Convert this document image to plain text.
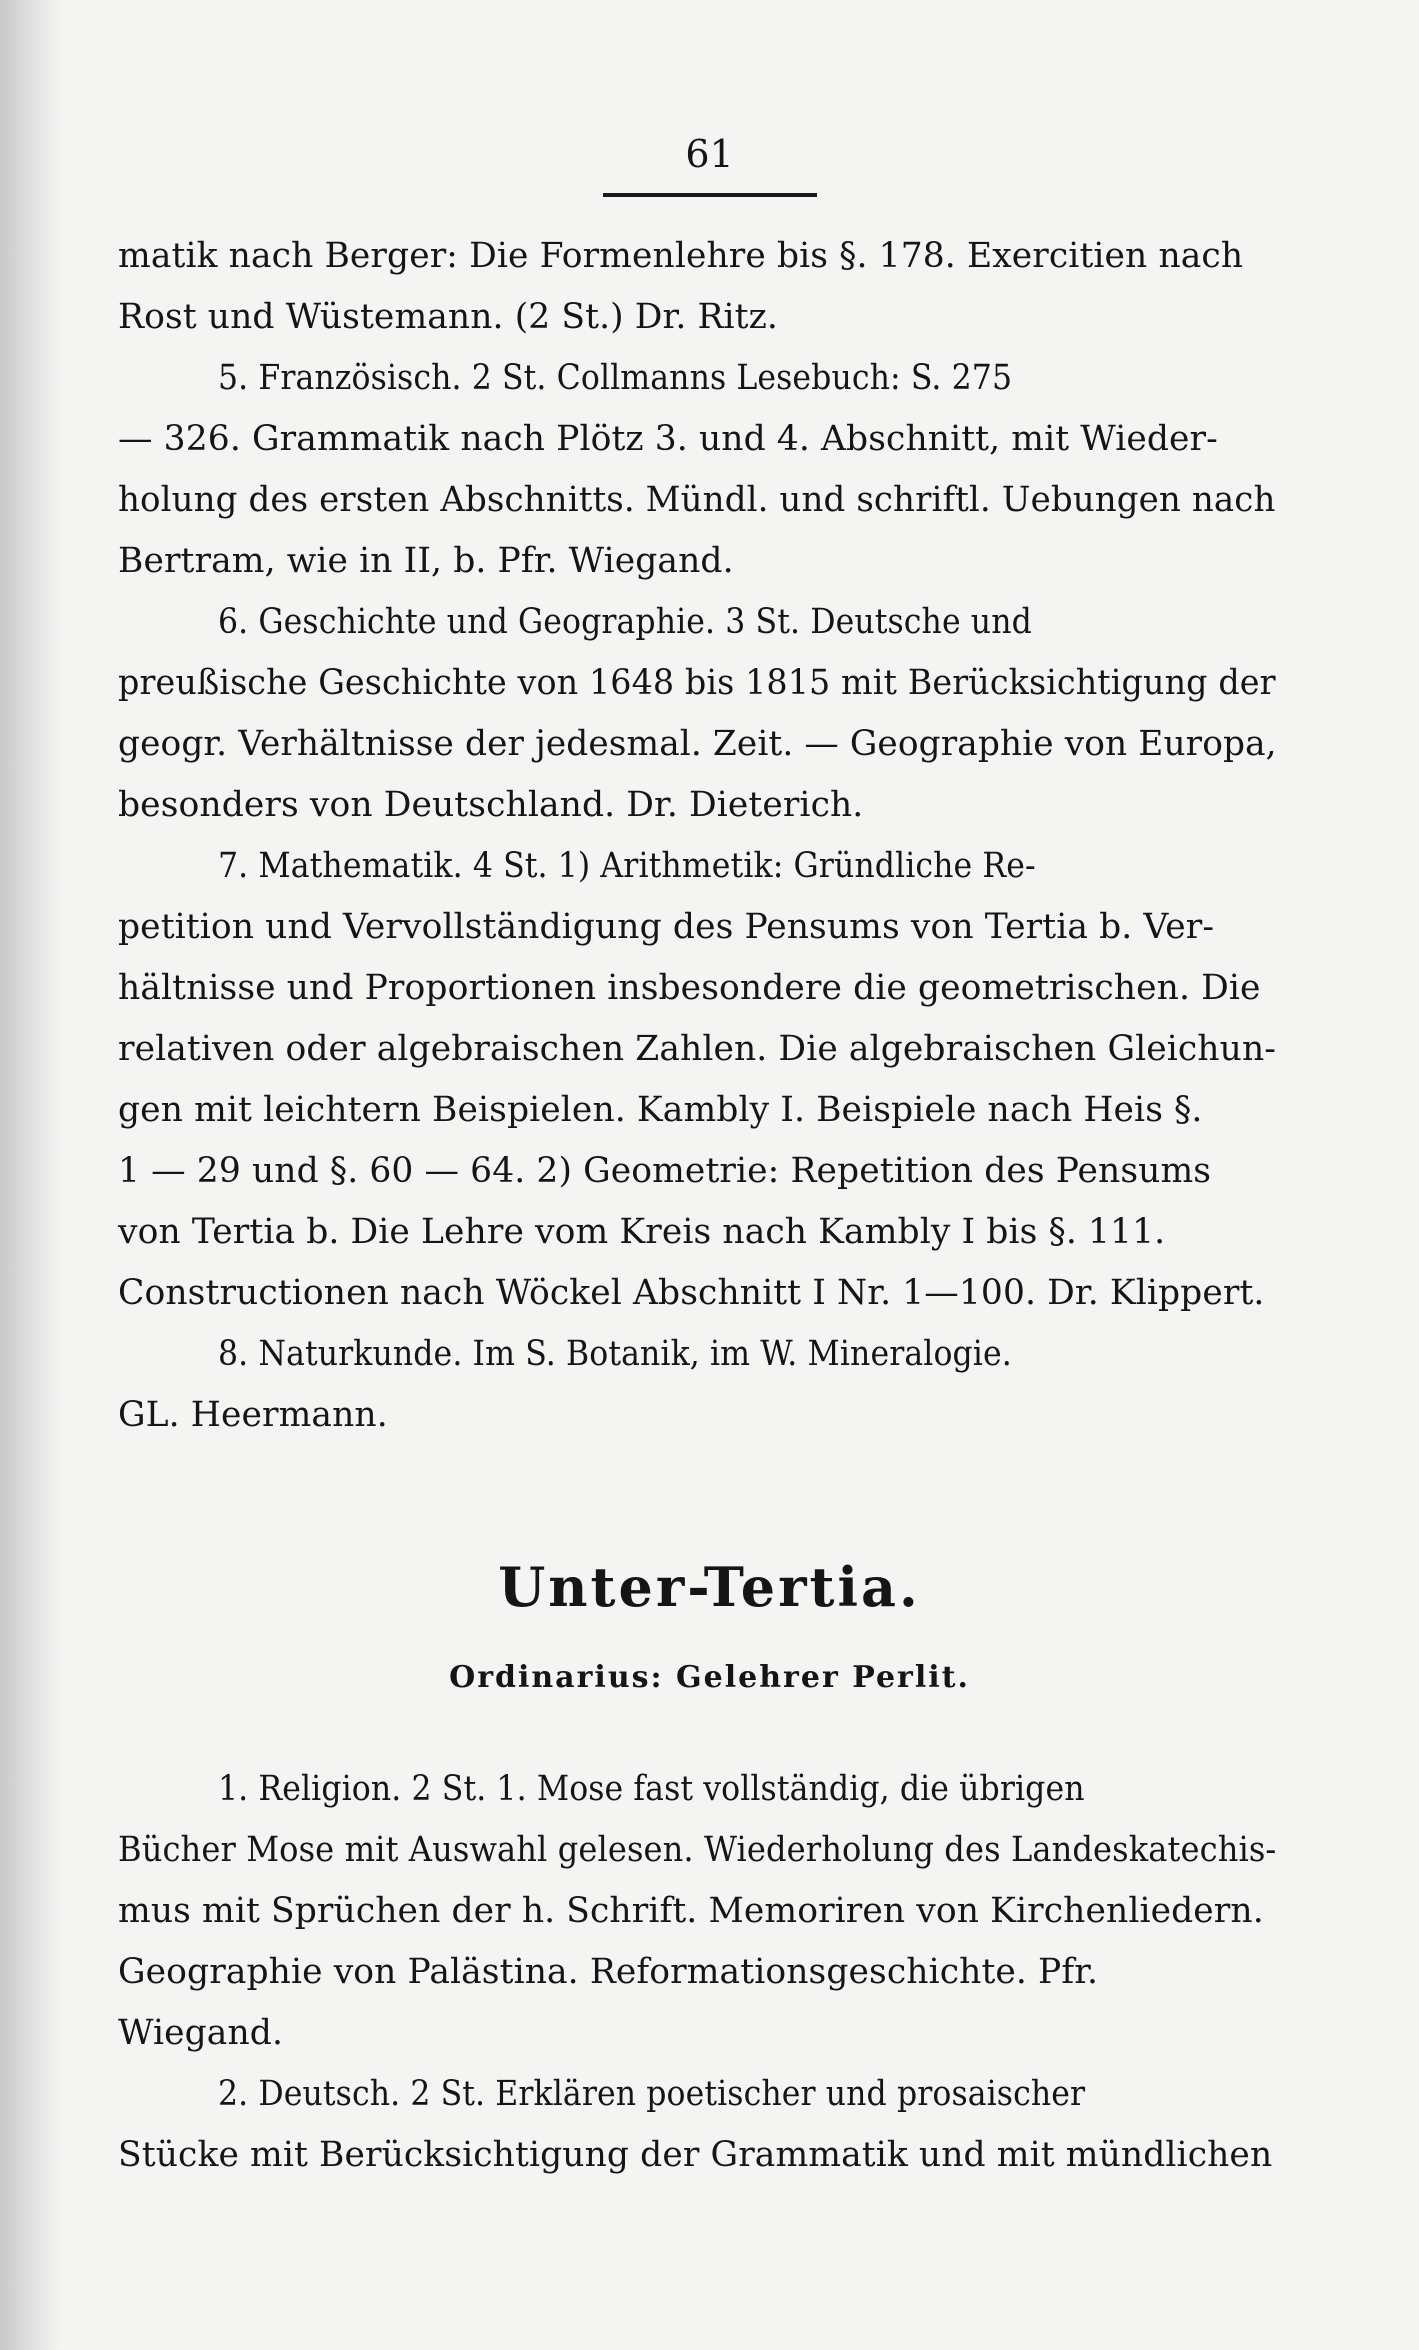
61
matik nach Berger: Die Formenlehre bis §. 178. Exercitien nach
Rost und Wüstemann. (2 St.) Dr. Ritz.
5. Französisch. 2 St. Collmanns Lesebuch: S. 275
— 326. Grammatik nach Plötz 3. und 4. Abschnitt, mit Wieder-
holung des ersten Abschnitts. Mündl. und schriftl. Uebungen nach
Bertram, wie in II, b. Pfr. Wiegand.
6. Geschichte und Geographie. 3 St. Deutsche und
preußische Geschichte von 1648 bis 1815 mit Berücksichtigung der
geogr. Verhältnisse der jedesmal. Zeit. — Geographie von Europa,
besonders von Deutschland. Dr. Dieterich.
7. Mathematik. 4 St. 1) Arithmetik: Gründliche Re-
petition und Vervollständigung des Pensums von Tertia b. Ver-
hältnisse und Proportionen insbesondere die geometrischen. Die
relativen oder algebraischen Zahlen. Die algebraischen Gleichun-
gen mit leichtern Beispielen. Kambly I. Beispiele nach Heis §.
1 — 29 und §. 60 — 64. 2) Geometrie: Repetition des Pensums
von Tertia b. Die Lehre vom Kreis nach Kambly I bis §. 111.
Constructionen nach Wöckel Abschnitt I Nr. 1—100. Dr. Klippert.
8. Naturkunde. Im S. Botanik, im W. Mineralogie.
GL. Heermann.
Unter-Tertia.
Ordinarius: Gelehrer Perlit.
1. Religion. 2 St. 1. Mose fast vollständig, die übrigen
Bücher Mose mit Auswahl gelesen. Wiederholung des Landeskatechis-
mus mit Sprüchen der h. Schrift. Memoriren von Kirchenliedern.
Geographie von Palästina. Reformationsgeschichte. Pfr.
Wiegand.
2. Deutsch. 2 St. Erklären poetischer und prosaischer
Stücke mit Berücksichtigung der Grammatik und mit mündlichen
